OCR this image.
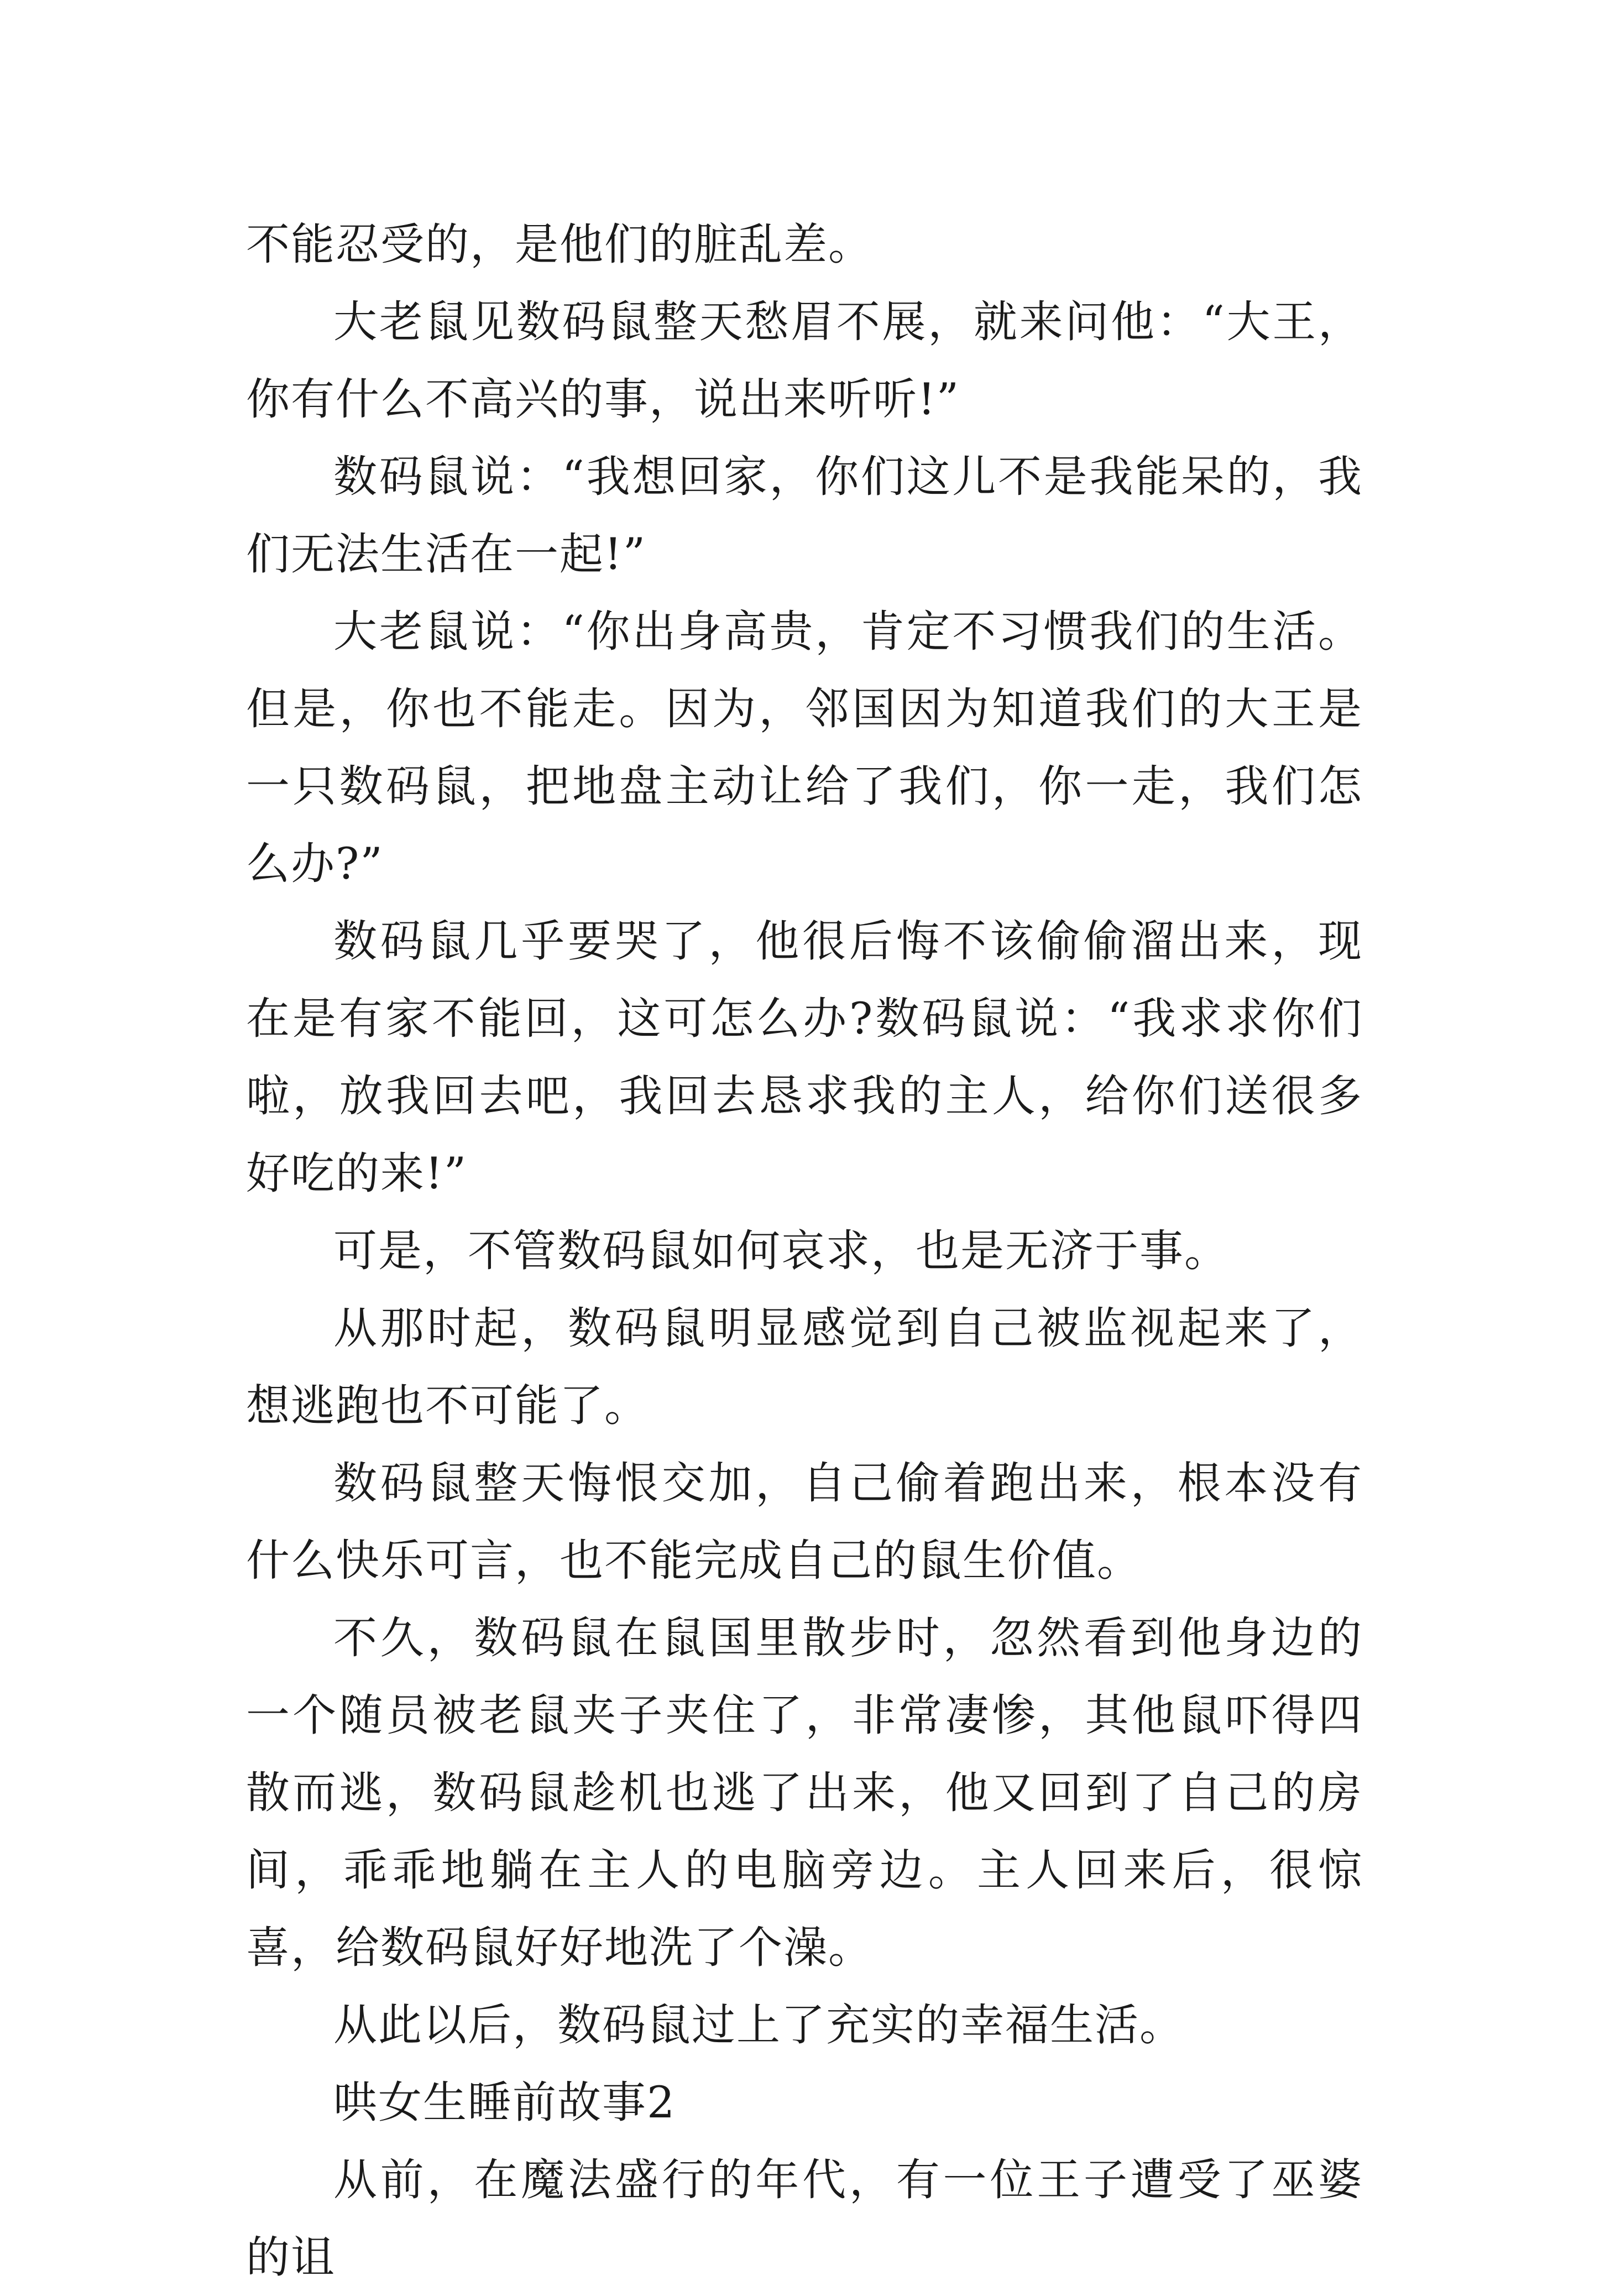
不能忍受的，是他们的脏乱差。

大老鼠见数码鼠整天愁眉不展，就来问他：“大王，你有什么不高兴的事，说出来听听!”

数码鼠说：“我想回家，你们这儿不是我能呆的，我们无法生活在一起!”

大老鼠说：“你出身高贵，肯定不习惯我们的生活。但是，你也不能走。因为，邻国因为知道我们的大王是一只数码鼠，把地盘主动让给了我们，你一走，我们怎么办?”

数码鼠几乎要哭了，他很后悔不该偷偷溜出来，现在是有家不能回，这可怎么办?数码鼠说：“我求求你们啦，放我回去吧，我回去恳求我的主人，给你们送很多好吃的来!”

可是，不管数码鼠如何哀求，也是无济于事。

从那时起，数码鼠明显感觉到自己被监视起来了，想逃跑也不可能了。

数码鼠整天悔恨交加，自己偷着跑出来，根本没有什么快乐可言，也不能完成自己的鼠生价值。

不久，数码鼠在鼠国里散步时，忽然看到他身边的一个随员被老鼠夹子夹住了，非常凄惨，其他鼠吓得四散而逃，数码鼠趁机也逃了出来，他又回到了自己的房间，乖乖地躺在主人的电脑旁边。主人回来后，很惊喜，给数码鼠好好地洗了个澡。

从此以后，数码鼠过上了充实的幸福生活。

哄女生睡前故事2

从前，在魔法盛行的年代，有一位王子遭受了巫婆的诅
